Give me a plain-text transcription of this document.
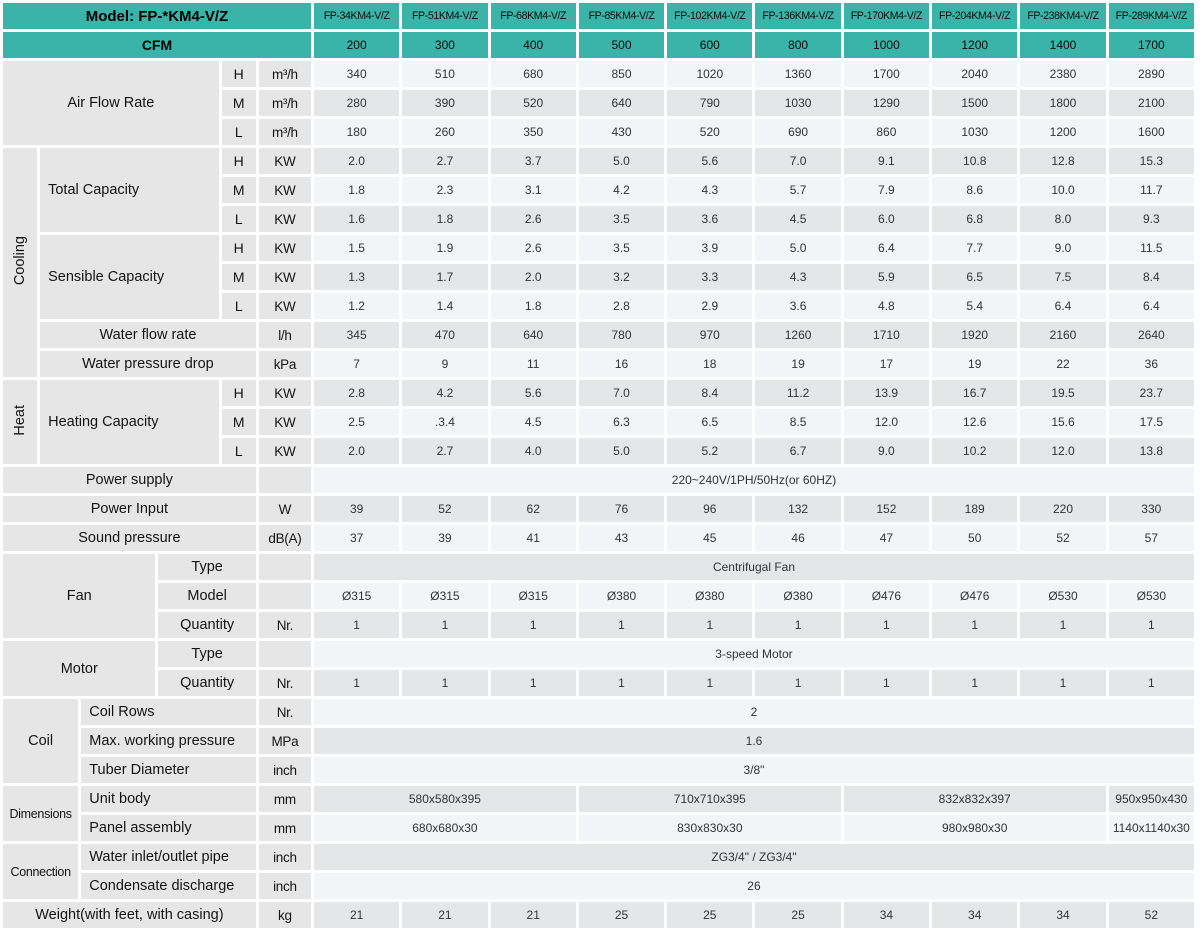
Model: FP-*KM4-V/Z						FP-34KM4-V/Z	FP-51KM4-V/Z	FP-68KM4-V/Z	FP-85KM4-V/Z	FP-102KM4-V/Z	FP-136KM4-V/Z	FP-170KM4-V/Z	FP-204KM4-V/Z	FP-238KM4-V/Z	FP-289KM4-V/Z
CFM						200	300	400	500	600	800	1000	1200	1400	1700
Air Flow Rate				H	m³/h	340	510	680	850	1020	1360	1700	2040	2380	2890
				M	m³/h	280	390	520	640	790	1030	1290	1500	1800	2100
				L	m³/h	180	260	350	430	520	690	860	1030	1200	1600
Cooling	Total Capacity			H	KW	2.0	2.7	3.7	5.0	5.6	7.0	9.1	10.8	12.8	15.3
				M	KW	1.8	2.3	3.1	4.2	4.3	5.7	7.9	8.6	10.0	11.7
				L	KW	1.6	1.8	2.6	3.5	3.6	4.5	6.0	6.8	8.0	9.3
	Sensible Capacity			H	KW	1.5	1.9	2.6	3.5	3.9	5.0	6.4	7.7	9.0	11.5
				M	KW	1.3	1.7	2.0	3.2	3.3	4.3	5.9	6.5	7.5	8.4
				L	KW	1.2	1.4	1.8	2.8	2.9	3.6	4.8	5.4	6.4	6.4
	Water flow rate				l/h	345	470	640	780	970	1260	1710	1920	2160	2640
	Water pressure drop				kPa	7	9	11	16	18	19	17	19	22	36
Heat	Heating Capacity			H	KW	2.8	4.2	5.6	7.0	8.4	11.2	13.9	16.7	19.5	23.7
				M	KW	2.5	.3.4	4.5	6.3	6.5	8.5	12.0	12.6	15.6	17.5
				L	KW	2.0	2.7	4.0	5.0	5.2	6.7	9.0	10.2	12.0	13.8
Power supply						220~240V/1PH/50Hz(or 60HZ)									
Power Input					W	39	52	62	76	96	132	152	189	220	330
Sound pressure					dB(A)	37	39	41	43	45	46	47	50	52	57
Fan			Type			Centrifugal Fan									
			Model			Ø315	Ø315	Ø315	Ø380	Ø380	Ø380	Ø476	Ø476	Ø530	Ø530
			Quantity		Nr.	1	1	1	1	1	1	1	1	1	1
Motor			Type			3-speed Motor									
			Quantity		Nr.	1	1	1	1	1	1	1	1	1	1
Coil		Coil Rows			Nr.	2									
		Max. working pressure			MPa	1.6									
		Tuber Diameter			inch	3/8"									
Dimensions		Unit body			mm	580x580x395			710x710x395			832x832x397			950x950x430
		Panel assembly			mm	680x680x30			830x830x30			980x980x30			1140x1140x30
Connection		Water inlet/outlet pipe			inch	ZG3/4" / ZG3/4"									
		Condensate discharge			inch	26									
Weight(with feet, with casing)					kg	21	21	21	25	25	25	34	34	34	52
